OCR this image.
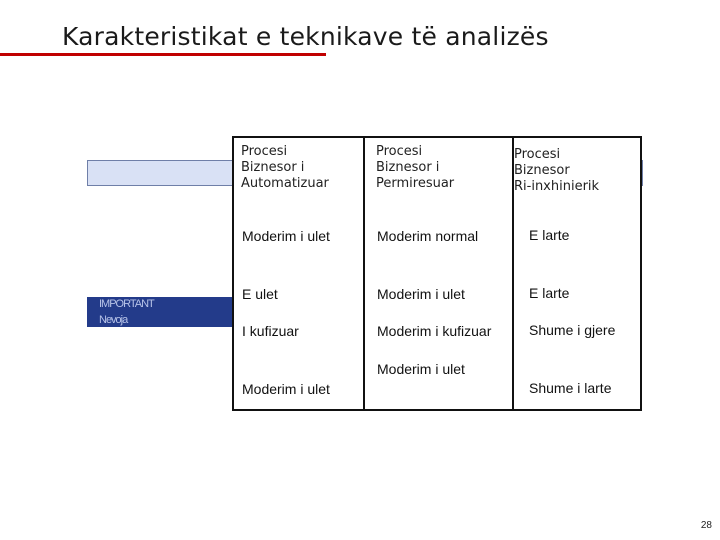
Karakteristikat e teknikave të analizës
IMPORTANT
Nevoja
Procesi
Biznesor i
Automatizuar
Moderim i ulet
E ulet
I kufizuar
Moderim i ulet
Procesi
Biznesor i
Permiresuar
Moderim normal
Moderim i ulet
Moderim i kufizuar
Moderim i ulet
Procesi
Biznesor
Ri-inxhinierik
E larte
E larte
Shume i gjere
Shume i larte
28
